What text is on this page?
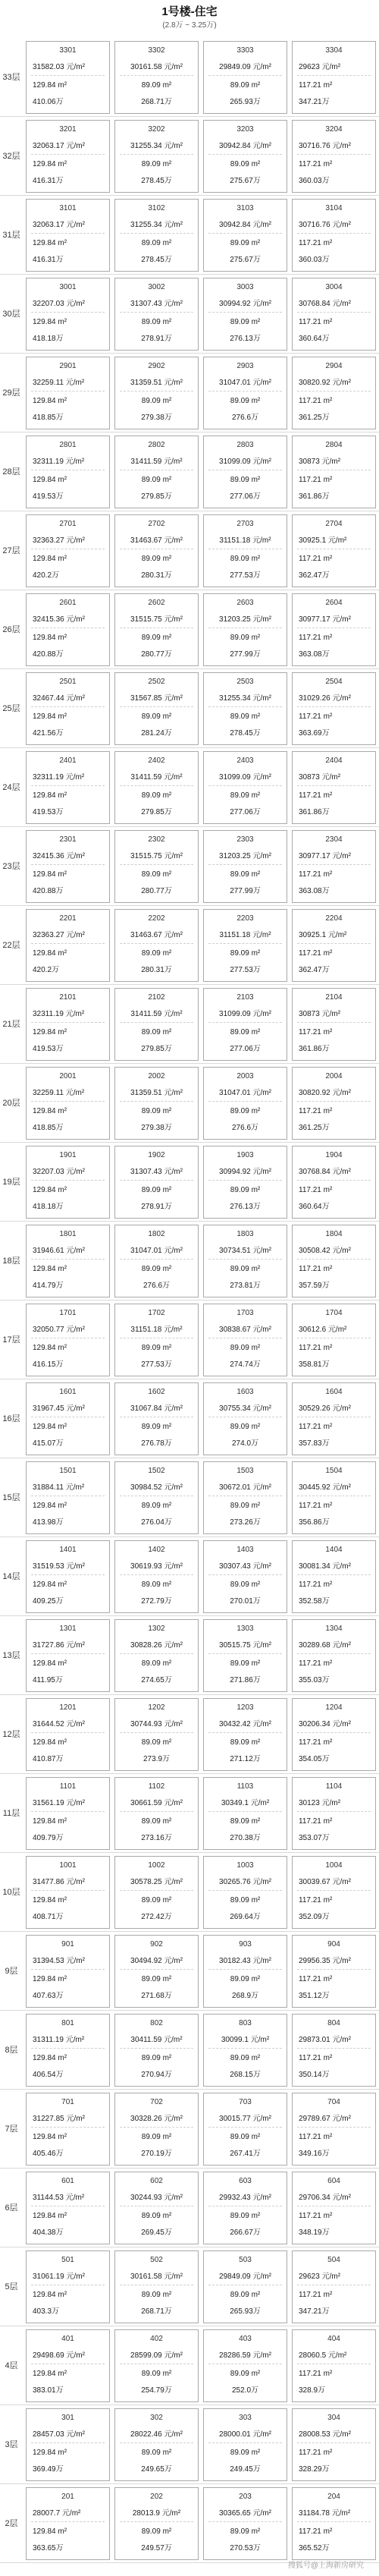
1号楼-住宅
(2.8万 ~ 3.25万)
33层
3301
31582.03 元/m²
129.84 m²
410.06万
3302
30161.58 元/m²
89.09 m²
268.71万
3303
29849.09 元/m²
89.09 m²
265.93万
3304
29623 元/m²
117.21 m²
347.21万
32层
3201
32063.17 元/m²
129.84 m²
416.31万
3202
31255.34 元/m²
89.09 m²
278.45万
3203
30942.84 元/m²
89.09 m²
275.67万
3204
30716.76 元/m²
117.21 m²
360.03万
31层
3101
32063.17 元/m²
129.84 m²
416.31万
3102
31255.34 元/m²
89.09 m²
278.45万
3103
30942.84 元/m²
89.09 m²
275.67万
3104
30716.76 元/m²
117.21 m²
360.03万
30层
3001
32207.03 元/m²
129.84 m²
418.18万
3002
31307.43 元/m²
89.09 m²
278.91万
3003
30994.92 元/m²
89.09 m²
276.13万
3004
30768.84 元/m²
117.21 m²
360.64万
29层
2901
32259.11 元/m²
129.84 m²
418.85万
2902
31359.51 元/m²
89.09 m²
279.38万
2903
31047.01 元/m²
89.09 m²
276.6万
2904
30820.92 元/m²
117.21 m²
361.25万
28层
2801
32311.19 元/m²
129.84 m²
419.53万
2802
31411.59 元/m²
89.09 m²
279.85万
2803
31099.09 元/m²
89.09 m²
277.06万
2804
30873 元/m²
117.21 m²
361.86万
27层
2701
32363.27 元/m²
129.84 m²
420.2万
2702
31463.67 元/m²
89.09 m²
280.31万
2703
31151.18 元/m²
89.09 m²
277.53万
2704
30925.1 元/m²
117.21 m²
362.47万
26层
2601
32415.36 元/m²
129.84 m²
420.88万
2602
31515.75 元/m²
89.09 m²
280.77万
2603
31203.25 元/m²
89.09 m²
277.99万
2604
30977.17 元/m²
117.21 m²
363.08万
25层
2501
32467.44 元/m²
129.84 m²
421.56万
2502
31567.85 元/m²
89.09 m²
281.24万
2503
31255.34 元/m²
89.09 m²
278.45万
2504
31029.26 元/m²
117.21 m²
363.69万
24层
2401
32311.19 元/m²
129.84 m²
419.53万
2402
31411.59 元/m²
89.09 m²
279.85万
2403
31099.09 元/m²
89.09 m²
277.06万
2404
30873 元/m²
117.21 m²
361.86万
23层
2301
32415.36 元/m²
129.84 m²
420.88万
2302
31515.75 元/m²
89.09 m²
280.77万
2303
31203.25 元/m²
89.09 m²
277.99万
2304
30977.17 元/m²
117.21 m²
363.08万
22层
2201
32363.27 元/m²
129.84 m²
420.2万
2202
31463.67 元/m²
89.09 m²
280.31万
2203
31151.18 元/m²
89.09 m²
277.53万
2204
30925.1 元/m²
117.21 m²
362.47万
21层
2101
32311.19 元/m²
129.84 m²
419.53万
2102
31411.59 元/m²
89.09 m²
279.85万
2103
31099.09 元/m²
89.09 m²
277.06万
2104
30873 元/m²
117.21 m²
361.86万
20层
2001
32259.11 元/m²
129.84 m²
418.85万
2002
31359.51 元/m²
89.09 m²
279.38万
2003
31047.01 元/m²
89.09 m²
276.6万
2004
30820.92 元/m²
117.21 m²
361.25万
19层
1901
32207.03 元/m²
129.84 m²
418.18万
1902
31307.43 元/m²
89.09 m²
278.91万
1903
30994.92 元/m²
89.09 m²
276.13万
1904
30768.84 元/m²
117.21 m²
360.64万
18层
1801
31946.61 元/m²
129.84 m²
414.79万
1802
31047.01 元/m²
89.09 m²
276.6万
1803
30734.51 元/m²
89.09 m²
273.81万
1804
30508.42 元/m²
117.21 m²
357.59万
17层
1701
32050.77 元/m²
129.84 m²
416.15万
1702
31151.18 元/m²
89.09 m²
277.53万
1703
30838.67 元/m²
89.09 m²
274.74万
1704
30612.6 元/m²
117.21 m²
358.81万
16层
1601
31967.45 元/m²
129.84 m²
415.07万
1602
31067.84 元/m²
89.09 m²
276.78万
1603
30755.34 元/m²
89.09 m²
274.0万
1604
30529.26 元/m²
117.21 m²
357.83万
15层
1501
31884.11 元/m²
129.84 m²
413.98万
1502
30984.52 元/m²
89.09 m²
276.04万
1503
30672.01 元/m²
89.09 m²
273.26万
1504
30445.92 元/m²
117.21 m²
356.86万
14层
1401
31519.53 元/m²
129.84 m²
409.25万
1402
30619.93 元/m²
89.09 m²
272.79万
1403
30307.43 元/m²
89.09 m²
270.01万
1404
30081.34 元/m²
117.21 m²
352.58万
13层
1301
31727.86 元/m²
129.84 m²
411.95万
1302
30828.26 元/m²
89.09 m²
274.65万
1303
30515.75 元/m²
89.09 m²
271.86万
1304
30289.68 元/m²
117.21 m²
355.03万
12层
1201
31644.52 元/m²
129.84 m²
410.87万
1202
30744.93 元/m²
89.09 m²
273.9万
1203
30432.42 元/m²
89.09 m²
271.12万
1204
30206.34 元/m²
117.21 m²
354.05万
11层
1101
31561.19 元/m²
129.84 m²
409.79万
1102
30661.59 元/m²
89.09 m²
273.16万
1103
30349.1 元/m²
89.09 m²
270.38万
1104
30123 元/m²
117.21 m²
353.07万
10层
1001
31477.86 元/m²
129.84 m²
408.71万
1002
30578.25 元/m²
89.09 m²
272.42万
1003
30265.76 元/m²
89.09 m²
269.64万
1004
30039.67 元/m²
117.21 m²
352.09万
9层
901
31394.53 元/m²
129.84 m²
407.63万
902
30494.92 元/m²
89.09 m²
271.68万
903
30182.43 元/m²
89.09 m²
268.9万
904
29956.35 元/m²
117.21 m²
351.12万
8层
801
31311.19 元/m²
129.84 m²
406.54万
802
30411.59 元/m²
89.09 m²
270.94万
803
30099.1 元/m²
89.09 m²
268.15万
804
29873.01 元/m²
117.21 m²
350.14万
7层
701
31227.85 元/m²
129.84 m²
405.46万
702
30328.26 元/m²
89.09 m²
270.19万
703
30015.77 元/m²
89.09 m²
267.41万
704
29789.67 元/m²
117.21 m²
349.16万
6层
601
31144.53 元/m²
129.84 m²
404.38万
602
30244.93 元/m²
89.09 m²
269.45万
603
29932.43 元/m²
89.09 m²
266.67万
604
29706.34 元/m²
117.21 m²
348.19万
5层
501
31061.19 元/m²
129.84 m²
403.3万
502
30161.58 元/m²
89.09 m²
268.71万
503
29849.09 元/m²
89.09 m²
265.93万
504
29623 元/m²
117.21 m²
347.21万
4层
401
29498.69 元/m²
129.84 m²
383.01万
402
28599.09 元/m²
89.09 m²
254.79万
403
28286.59 元/m²
89.09 m²
252.0万
404
28060.5 元/m²
117.21 m²
328.9万
3层
301
28457.03 元/m²
129.84 m²
369.49万
302
28022.46 元/m²
89.09 m²
249.65万
303
28000.01 元/m²
89.09 m²
249.45万
304
28008.53 元/m²
117.21 m²
328.29万
2层
201
28007.7 元/m²
129.84 m²
363.65万
202
28013.9 元/m²
89.09 m²
249.57万
203
30365.65 元/m²
89.09 m²
270.53万
204
31184.78 元/m²
117.21 m²
365.52万
搜狐号@上海新房研究
